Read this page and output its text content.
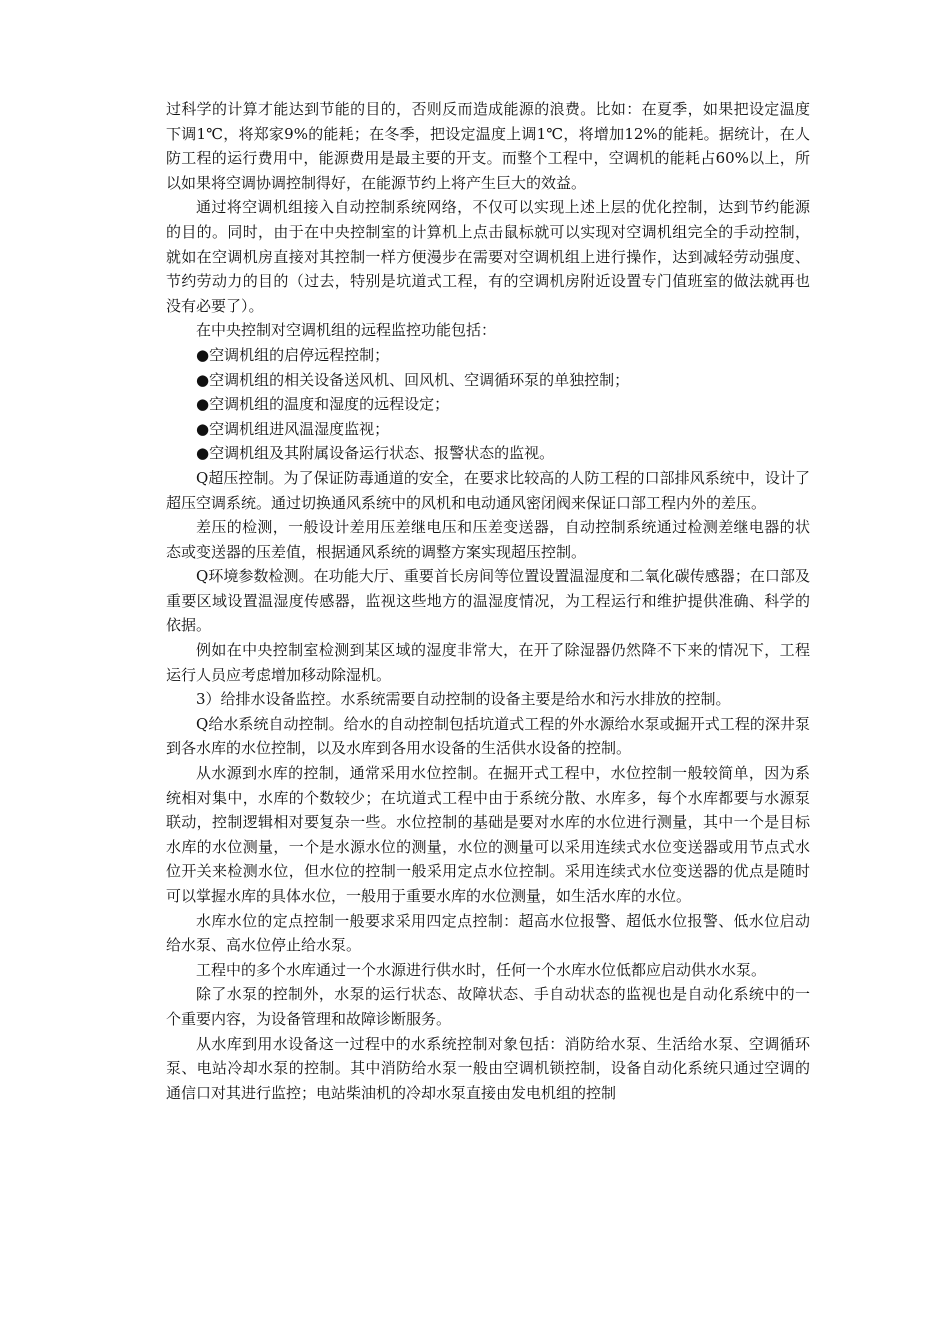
过科学的计算才能达到节能的目的，否则反而造成能源的浪费。比如：在夏季，如果把设定温度下调1℃，将郑家9%的能耗；在冬季，把设定温度上调1℃，将增加12%的能耗。据统计，在人防工程的运行费用中，能源费用是最主要的开支。而整个工程中，空调机的能耗占60%以上，所以如果将空调协调控制得好，在能源节约上将产生巨大的效益。

通过将空调机组接入自动控制系统网络，不仅可以实现上述上层的优化控制，达到节约能源的目的。同时，由于在中央控制室的计算机上点击鼠标就可以实现对空调机组完全的手动控制，就如在空调机房直接对其控制一样方便漫步在需要对空调机组上进行操作，达到减轻劳动强度、节约劳动力的目的（过去，特别是坑道式工程，有的空调机房附近设置专门值班室的做法就再也没有必要了）。

在中央控制对空调机组的远程监控功能包括：

●空调机组的启停远程控制；

●空调机组的相关设备送风机、回风机、空调循环泵的单独控制；

●空调机组的温度和湿度的远程设定；

●空调机组进风温湿度监视；

●空调机组及其附属设备运行状态、报警状态的监视。

Q超压控制。为了保证防毒通道的安全，在要求比较高的人防工程的口部排风系统中，设计了超压空调系统。通过切换通风系统中的风机和电动通风密闭阀来保证口部工程内外的差压。

差压的检测，一般设计差用压差继电压和压差变送器，自动控制系统通过检测差继电器的状态或变送器的压差值，根据通风系统的调整方案实现超压控制。

Q环境参数检测。在功能大厅、重要首长房间等位置设置温湿度和二氧化碳传感器；在口部及重要区域设置温湿度传感器，监视这些地方的温湿度情况，为工程运行和维护提供准确、科学的依据。

例如在中央控制室检测到某区域的湿度非常大，在开了除湿器仍然降不下来的情况下，工程运行人员应考虑增加移动除湿机。

3）给排水设备监控。水系统需要自动控制的设备主要是给水和污水排放的控制。

Q给水系统自动控制。给水的自动控制包括坑道式工程的外水源给水泵或掘开式工程的深井泵到各水库的水位控制，以及水库到各用水设备的生活供水设备的控制。

从水源到水库的控制，通常采用水位控制。在掘开式工程中，水位控制一般较简单，因为系统相对集中，水库的个数较少；在坑道式工程中由于系统分散、水库多，每个水库都要与水源泵联动，控制逻辑相对要复杂一些。水位控制的基础是要对水库的水位进行测量，其中一个是目标水库的水位测量，一个是水源水位的测量，水位的测量可以采用连续式水位变送器或用节点式水位开关来检测水位，但水位的控制一般采用定点水位控制。采用连续式水位变送器的优点是随时可以掌握水库的具体水位，一般用于重要水库的水位测量，如生活水库的水位。

水库水位的定点控制一般要求采用四定点控制：超高水位报警、超低水位报警、低水位启动给水泵、高水位停止给水泵。

工程中的多个水库通过一个水源进行供水时，任何一个水库水位低都应启动供水水泵。

除了水泵的控制外，水泵的运行状态、故障状态、手自动状态的监视也是自动化系统中的一个重要内容，为设备管理和故障诊断服务。

从水库到用水设备这一过程中的水系统控制对象包括：消防给水泵、生活给水泵、空调循环泵、电站冷却水泵的控制。其中消防给水泵一般由空调机锁控制，设备自动化系统只通过空调的通信口对其进行监控；电站柴油机的冷却水泵直接由发电机组的控制
